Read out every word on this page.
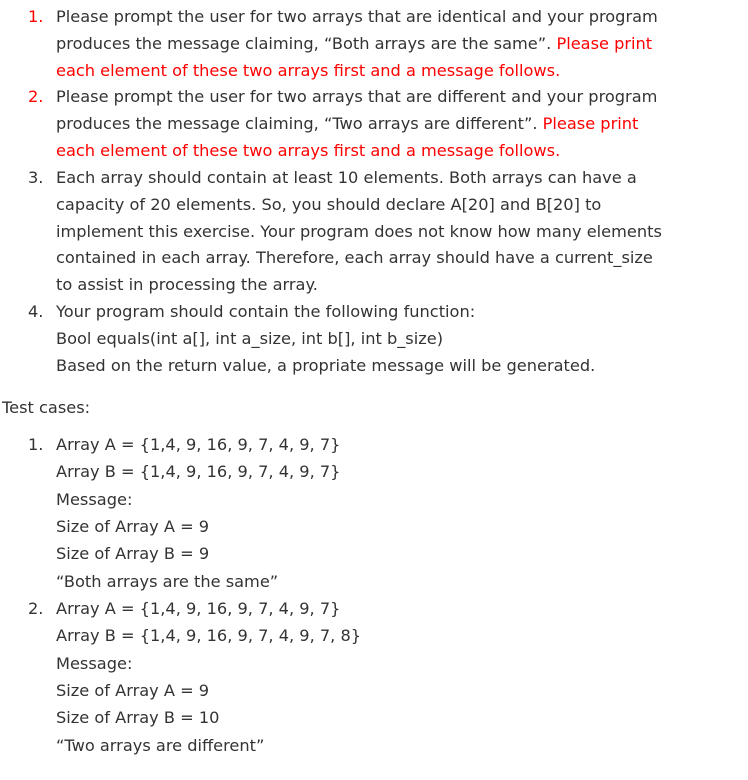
1. Please prompt the user for two arrays that are identical and your program
produces the message claiming, “Both arrays are the same”. Please print
each element of these two arrays first and a message follows.
2. Please prompt the user for two arrays that are different and your program
produces the message claiming, “Two arrays are different”. Please print
each element of these two arrays first and a message follows.
3. Each array should contain at least 10 elements. Both arrays can have a
capacity of 20 elements. So, you should declare A[20] and B[20] to
implement this exercise. Your program does not know how many elements
contained in each array. Therefore, each array should have a current_size
to assist in processing the array.
4. Your program should contain the following function:
Bool equals(int a[], int a_size, int b[], int b_size)
Based on the return value, a propriate message will be generated.
Test cases:
1. Array A = {1,4, 9, 16, 9, 7, 4, 9, 7}
Array B = {1,4, 9, 16, 9, 7, 4, 9, 7}
Message:
Size of Array A = 9
Size of Array B = 9
“Both arrays are the same”
2. Array A = {1,4, 9, 16, 9, 7, 4, 9, 7}
Array B = {1,4, 9, 16, 9, 7, 4, 9, 7, 8}
Message:
Size of Array A = 9
Size of Array B = 10
“Two arrays are different”
